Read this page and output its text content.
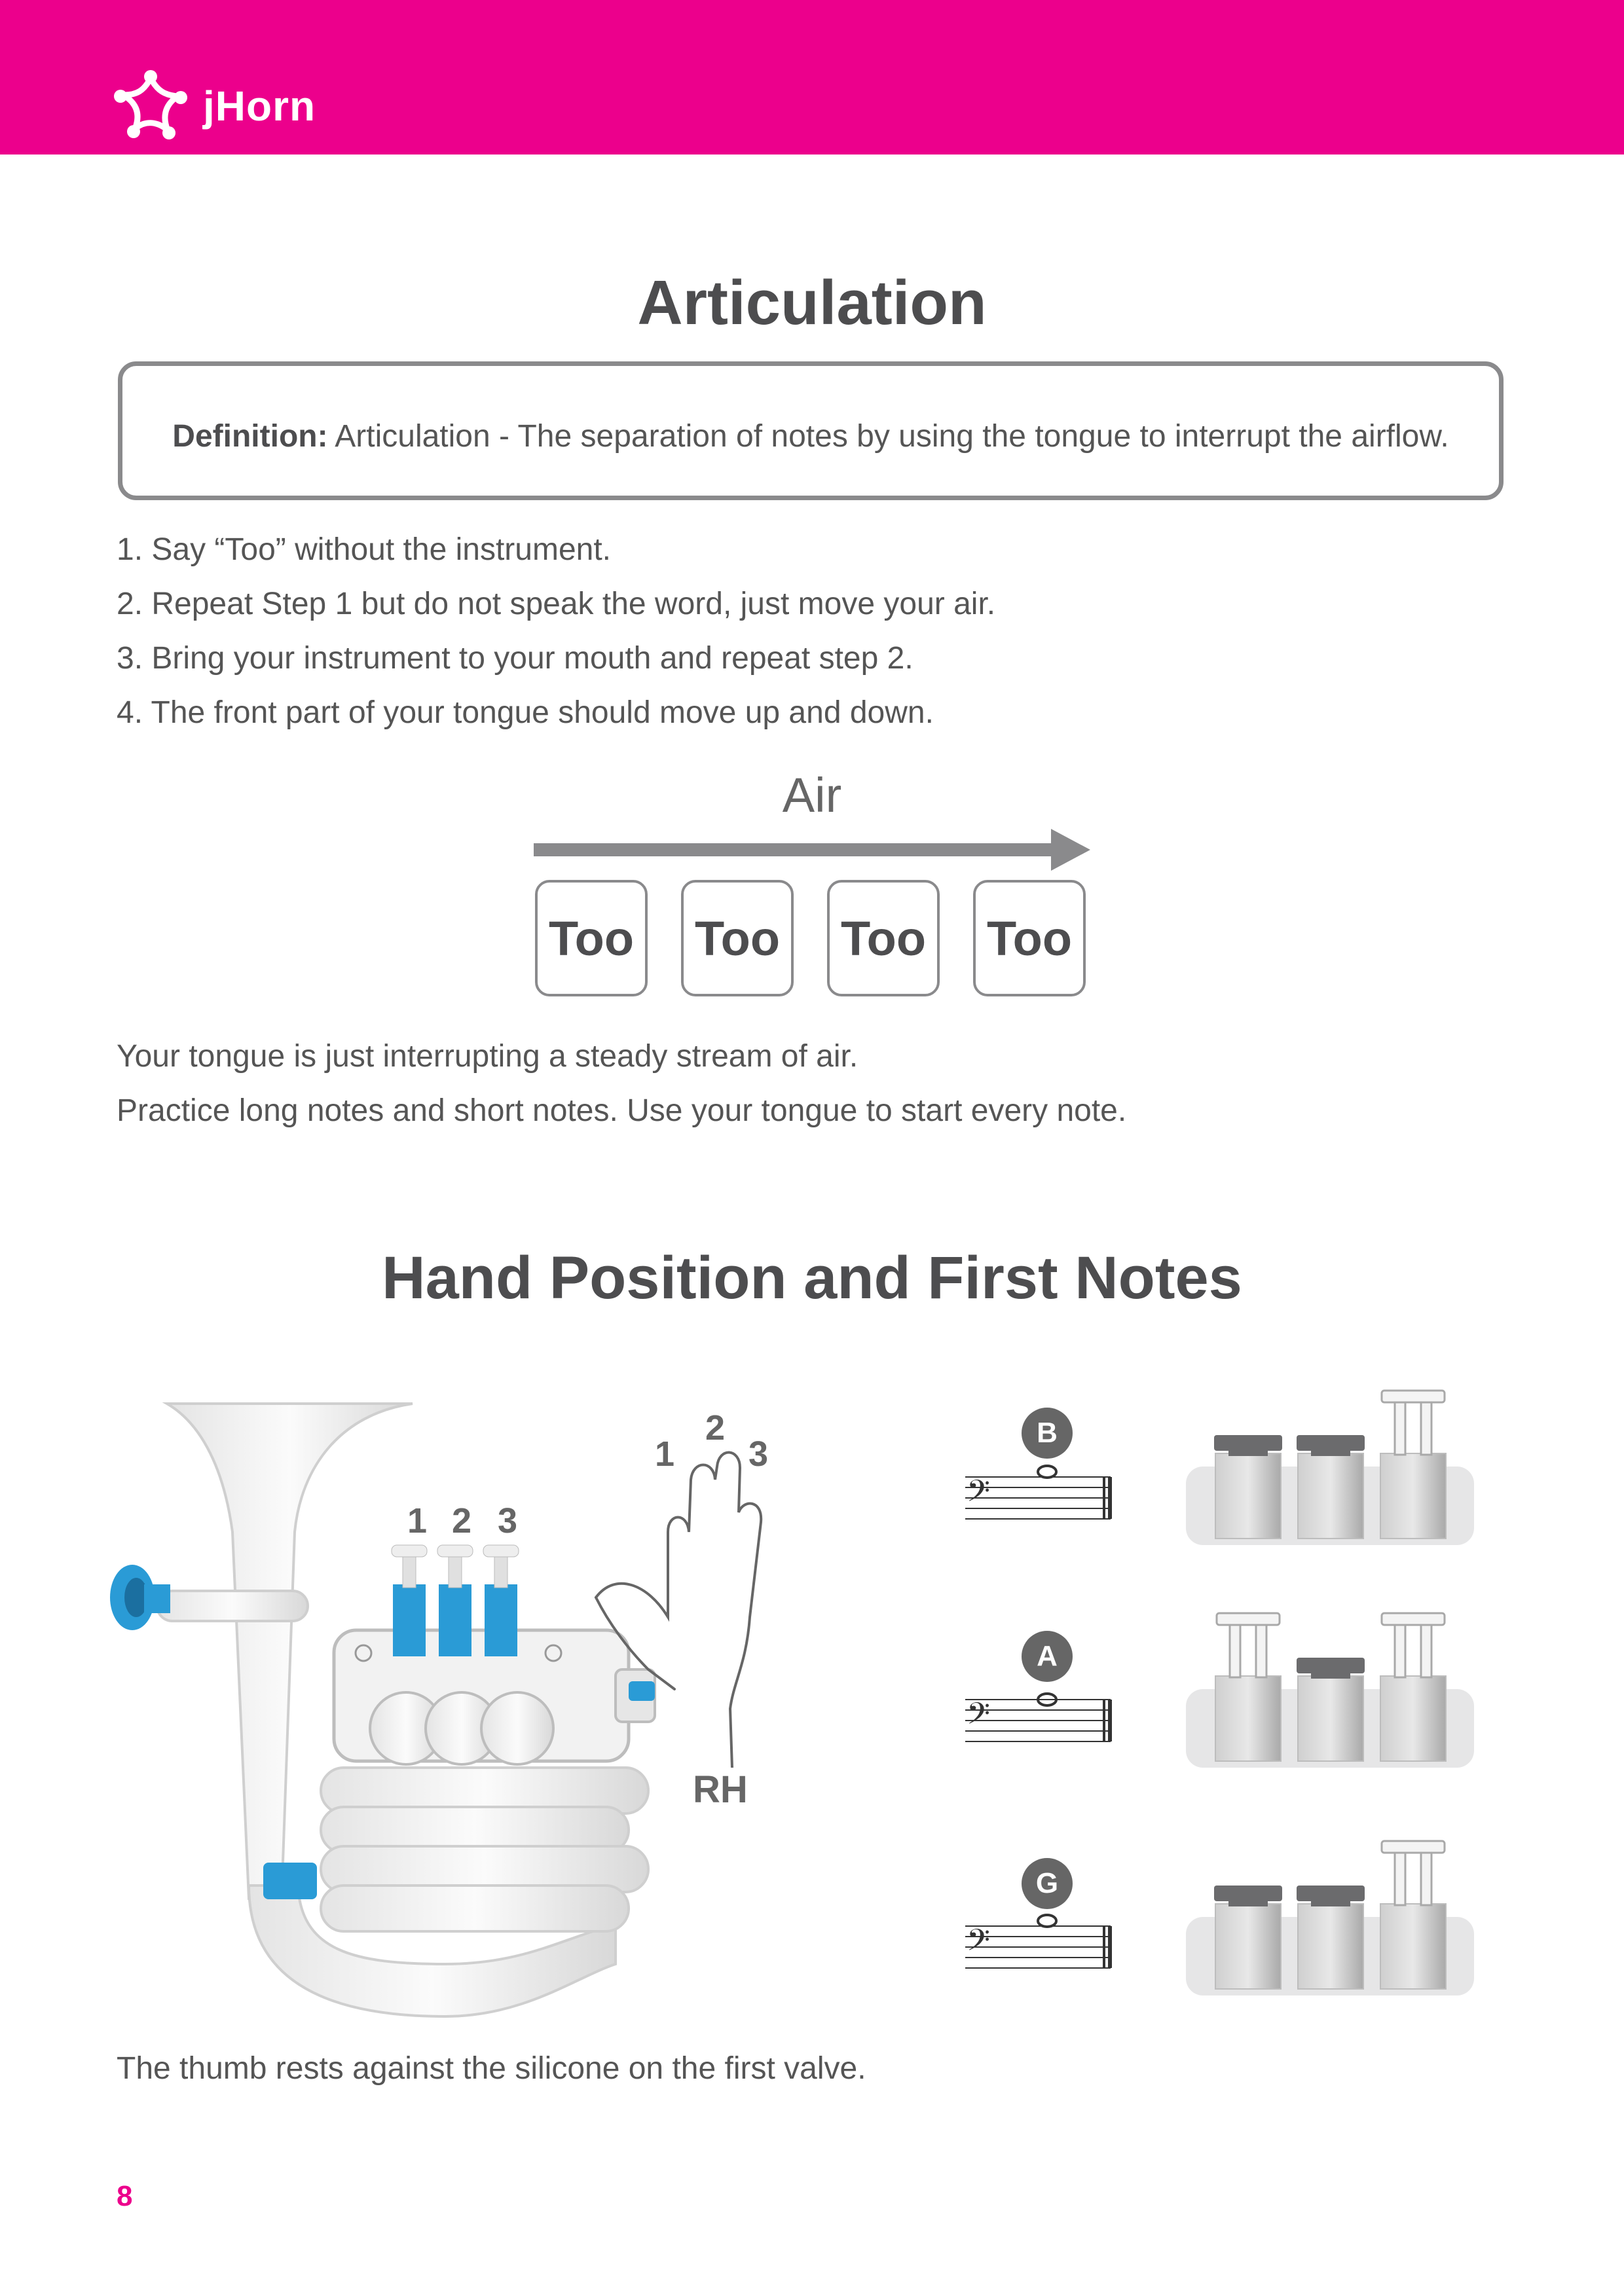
jHorn
Articulation
Definition: Articulation - The separation of notes by using the tongue to interrupt the airflow.
1. Say “Too” without the instrument.
2. Repeat Step 1 but do not speak the word, just move your air.
3. Bring your instrument to your mouth and repeat step 2.
4. The front part of your tongue should move up and down.
Air
Too Too Too Too
Your tongue is just interrupting a steady stream of air.
Practice long notes and short notes. Use your tongue to start every note.
Hand Position and First Notes
1 2 3
1
2
3
RH
B
A
G
𝄢
𝄢
𝄢
The thumb rests against the silicone on the first valve.
8
